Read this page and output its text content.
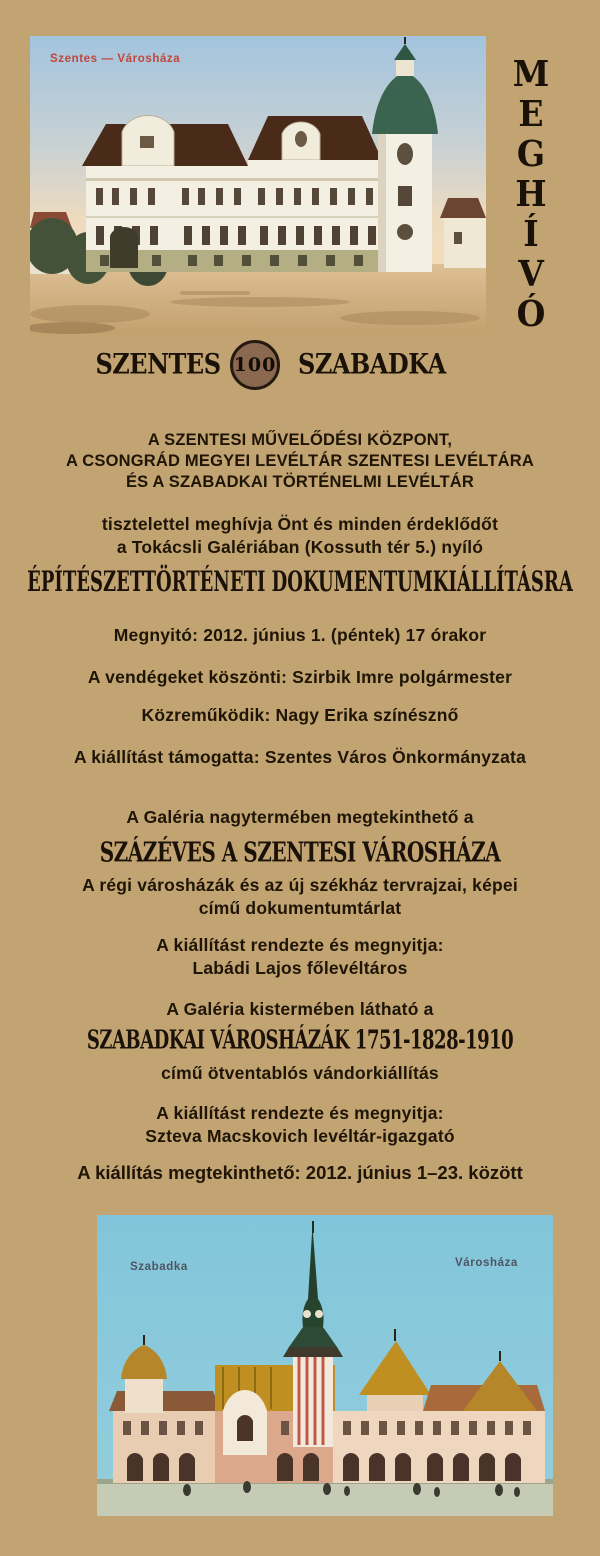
Szentes — Városháza	M
E
G
H
Í
V
Ó
SZENTES 100 SZABADKA
A SZENTESI MŰVELŐDÉSI KÖZPONT,
A CSONGRÁD MEGYEI LEVÉLTÁR SZENTESI LEVÉLTÁRA
ÉS A SZABADKAI TÖRTÉNELMI LEVÉLTÁR
tisztelettel meghívja Önt és minden érdeklődőt
a Tokácsli Galériában (Kossuth tér 5.) nyíló
ÉPÍTÉSZETTÖRTÉNETI DOKUMENTUMKIÁLLÍTÁSRA
Megnyitó: 2012. június 1. (péntek) 17 órakor
A vendégeket köszönti: Szirbik Imre polgármester
Közreműködik: Nagy Erika színésznő
A kiállítást támogatta: Szentes Város Önkormányzata
A Galéria nagytermében megtekinthető a
SZÁZÉVES A SZENTESI VÁROSHÁZA
A régi városházák és az új székház tervrajzai, képei
című dokumentumtárlat
A kiállítást rendezte és megnyitja:
Labádi Lajos főlevéltáros
A Galéria kistermében látható a
SZABADKAI VÁROSHÁZÁK 1751-1828-1910
című ötventablós vándorkiállítás
A kiállítást rendezte és megnyitja:
Szteva Macskovich levéltár-igazgató
A kiállítás megtekinthető: 2012. június 1–23. között
Szabadka	Városháza
